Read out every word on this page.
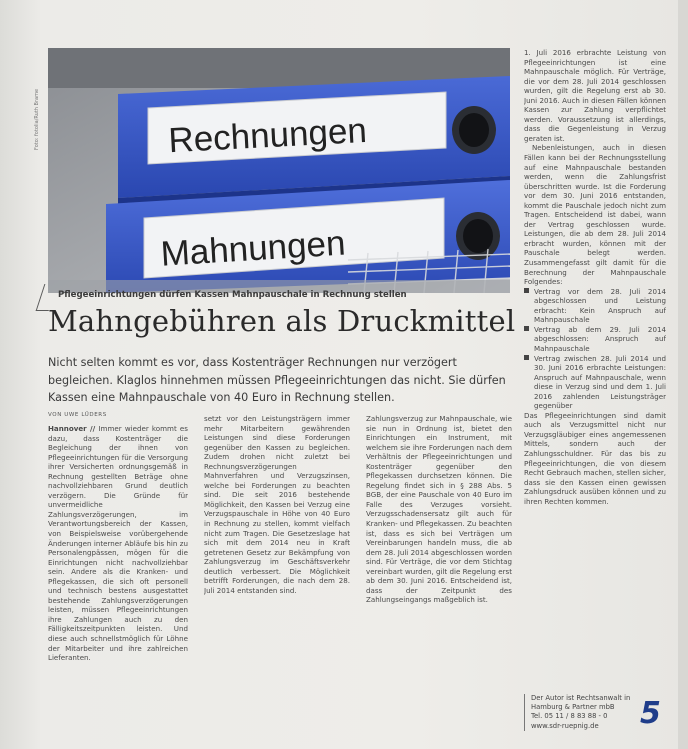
Rechnungen
Mahnungen
Foto: fotolia/Ruth Brame
Pflegeeinrichtungen dürfen Kassen Mahnpauschale in Rechnung stellen
Mahngebühren als Druckmittel
Nicht selten kommt es vor, dass Kostenträger Rechnungen nur verzögert begleichen. Klaglos hinnehmen müssen Pflegeeinrichtungen das nicht. Sie dürfen Kassen eine Mahnpauschale von 40 Euro in Rechnung stellen.
VON UWE LÜDERS

Hannover // Immer wieder kommt es dazu, dass Kostenträger die Begleichung der ihnen von Pflegeeinrichtungen für die Versorgung ihrer Versicherten ordnungsgemäß in Rechnung gestellten Beträge ohne nachvollziehbaren Grund deutlich verzögern. Die Gründe für unvermeidliche Zahlungsverzögerungen, im Verantwortungsbereich der Kassen, von Beispielsweise vorübergehende Änderungen interner Abläufe bis hin zu Personalengpässen, mögen für die Einrichtungen nicht nachvollziehbar sein. Andere als die Kranken- und Pflegekassen, die sich oft personell und technisch bestens ausgestattet bestehende Zahlungsverzögerungen leisten, müssen Pflegeeinrichtungen ihre Zahlungen auch zu den Fälligkeitszeitpunkten leisten. Und diese auch schnellstmöglich für Löhne der Mitarbeiter und ihre zahlreichen Lieferanten.

setzt vor den Leistungsträgern immer mehr Mitarbeitern gewährenden Leistungen sind diese Forderungen gegenüber den Kassen zu begleichen. Zudem drohen nicht zuletzt bei Rechnungsverzögerungen Mahnverfahren und Verzugszinsen, welche bei Forderungen zu beachten sind. Die seit 2016 bestehende Möglichkeit, den Kassen bei Verzug eine Verzugspauschale in Höhe von 40 Euro in Rechnung zu stellen, kommt vielfach nicht zum Tragen. Die Gesetzeslage hat sich mit dem 2014 neu in Kraft getretenen Gesetz zur Bekämpfung von Zahlungsverzug im Geschäftsverkehr deutlich verbessert. Die Möglichkeit betrifft Forderungen, die nach dem 28. Juli 2014 entstanden sind.

Zahlungsverzug zur Mahnpauschale, wie sie nun in Ordnung ist, bietet den Einrichtungen ein Instrument, mit welchem sie ihre Forderungen nach dem Verhältnis der Pflegeeinrichtungen und Kostenträger gegenüber den Pflegekassen durchsetzen können. Die Regelung findet sich in § 288 Abs. 5 BGB, der eine Pauschale von 40 Euro im Falle des Verzuges vorsieht. Verzugsschadensersatz gilt auch für Kranken- und Pflegekassen. Zu beachten ist, dass es sich bei Verträgen um Vereinbarungen handeln muss, die ab dem 28. Juli 2014 abgeschlossen worden sind. Für Verträge, die vor dem Stichtag vereinbart wurden, gilt die Regelung erst ab dem 30. Juni 2016. Entscheidend ist, dass der Zeitpunkt des Zahlungseingangs maßgeblich ist.

1. Juli 2016 erbrachte Leistung von Pflegeeinrichtungen ist eine Mahnpauschale möglich. Für Verträge, die vor dem 28. Juli 2014 geschlossen wurden, gilt die Regelung erst ab 30. Juni 2016. Auch in diesen Fällen können Kassen zur Zahlung verpflichtet werden. Voraussetzung ist allerdings, dass die Gegenleistung in Verzug geraten ist.

Nebenleistungen, auch in diesen Fällen kann bei der Rechnungsstellung auf eine Mahnpauschale bestanden werden, wenn die Zahlungsfrist überschritten wurde. Ist die Forderung vor dem 30. Juni 2016 entstanden, kommt die Pauschale jedoch nicht zum Tragen. Entscheidend ist dabei, wann der Vertrag geschlossen wurde. Leistungen, die ab dem 28. Juli 2014 erbracht wurden, können mit der Pauschale belegt werden. Zusammengefasst gilt damit für die Berechnung der Mahnpauschale Folgendes:

Vertrag vor dem 28. Juli 2014 abgeschlossen und Leistung erbracht: Kein Anspruch auf Mahnpauschale
Vertrag ab dem 29. Juli 2014 abgeschlossen: Anspruch auf Mahnpauschale
Vertrag zwischen 28. Juli 2014 und 30. Juni 2016 erbrachte Leistungen: Anspruch auf Mahnpauschale, wenn diese in Verzug sind und dem 1. Juli 2016 zahlenden Leistungsträger gegenüber

Das Pflegeeinrichtungen sind damit auch als Verzugsmittel nicht nur Verzugsgläubiger eines angemessenen Mittels, sondern auch der Zahlungsschuldner. Für das bis zu Pflegeeinrichtungen, die von diesem Recht Gebrauch machen, stellen sicher, dass sie den Kassen einen gewissen Zahlungsdruck ausüben können und zu ihren Rechten kommen.

Der Autor ist Rechtsanwalt in
Hamburg & Partner mbB
Tel. 05 11 / 8 83 88 - 0
www.sdr-ruepnig.de	5
